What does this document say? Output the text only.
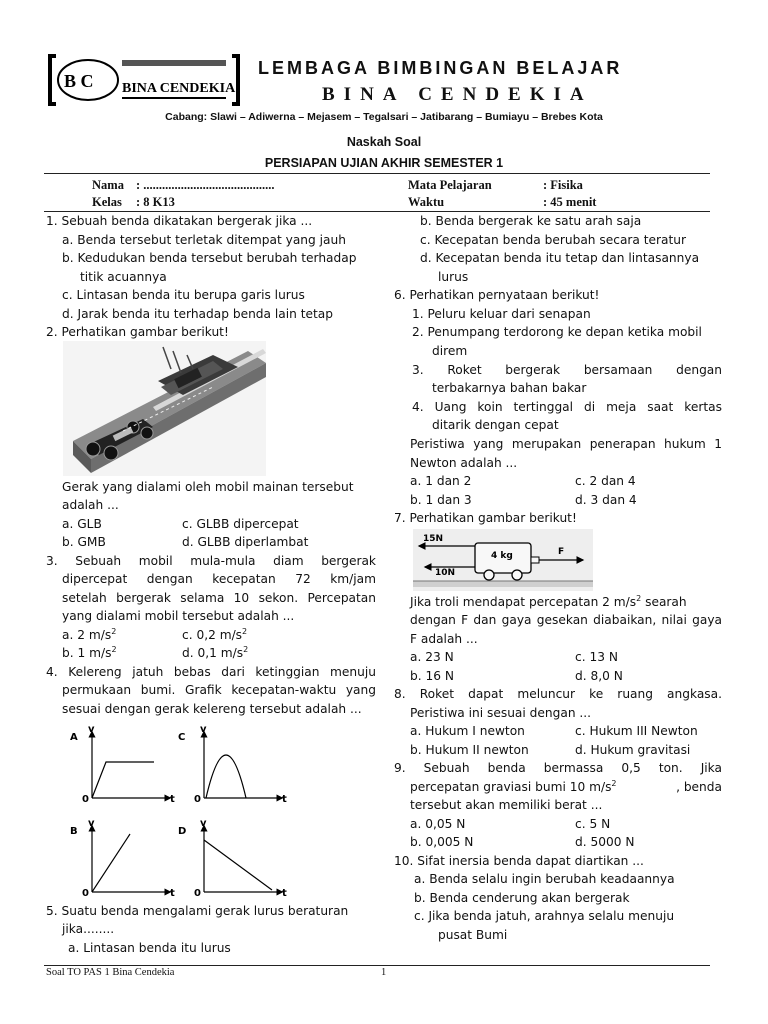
B C BINA CENDEKIA
LEMBAGA BIMBINGAN BELAJAR
BINA CENDEKIA
Cabang: Slawi – Adiwerna – Mejasem – Tegalsari – Jatibarang – Bumiayu – Brebes Kota
Naskah Soal
PERSIAPAN UJIAN AKHIR SEMESTER 1
Nama : ..........................................
Kelas : 8 K13
Mata Pelajaran	: Fisika
Waktu	: 45 menit
1. Sebuah benda dikatakan bergerak jika ...
a. Benda tersebut terletak ditempat yang jauh
b. Kedudukan benda tersebut berubah terhadap
titik acuannya
c. Lintasan benda itu berupa garis lurus
d. Jarak benda itu terhadap benda lain tetap
2. Perhatikan gambar berikut!
Gerak yang dialami oleh mobil mainan tersebut
adalah ...
a. GLB	c. GLBB dipercepat
b. GMB	d. GLBB diperlambat
3. Sebuah mobil mula-mula diam bergerak
dipercepat dengan kecepatan 72 km/jam
setelah bergerak selama 10 sekon. Percepatan
yang dialami mobil tersebut adalah ...
a. 2 $m/s^2$	c. 0,2 $m/s^2$
b. 1 $m/s^2$	d. 0,1 $m/s^2$
4. Kelereng jatuh bebas dari ketinggian menuju
permukaan bumi. Grafik kecepatan-waktu yang
sesuai dengan gerak kelereng tersebut adalah ...
A
v
t
0
C
v
t
0
B
v
t
0
D
v
t
0
5. Suatu benda mengalami gerak lurus beraturan
jika........
a. Lintasan benda itu lurus
b. Benda bergerak ke satu arah saja
c. Kecepatan benda berubah secara teratur
d. Kecepatan benda itu tetap dan lintasannya
lurus
6. Perhatikan pernyataan berikut!
1. Peluru keluar dari senapan
2. Penumpang terdorong ke depan ketika mobil
direm
3. Roket bergerak bersamaan dengan
terbakarnya bahan bakar
4. Uang koin tertinggal di meja saat kertas
ditarik dengan cepat
Peristiwa yang merupakan penerapan hukum 1
Newton adalah ...
a. 1 dan 2	c. 2 dan 4
b. 1 dan 3	d. 3 dan 4
7. Perhatikan gambar berikut!
15N
10N
4 kg	F
Jika troli mendapat percepatan 2 $m/s^2$ searah
dengan F dan gaya gesekan diabaikan, nilai gaya
F adalah ...
a. 23 N	c. 13 N
b. 16 N	d. 8,0 N
8. Roket dapat meluncur ke ruang angkasa.
Peristiwa ini sesuai dengan ...
a. Hukum I newton	c. Hukum III Newton
b. Hukum II newton	d. Hukum gravitasi
9. Sebuah benda bermassa 0,5 ton. Jika
percepatan graviasi bumi 10 $m/s^2$	, benda
tersebut akan memiliki berat ...
a. 0,05 N	c. 5 N
b. 0,005 N	d. 5000 N
10. Sifat inersia benda dapat diartikan ...
a. Benda selalu ingin berubah keadaannya
b. Benda cenderung akan bergerak
c. Jika benda jatuh, arahnya selalu menuju
pusat Bumi
Soal TO PAS 1 Bina Cendekia	1
